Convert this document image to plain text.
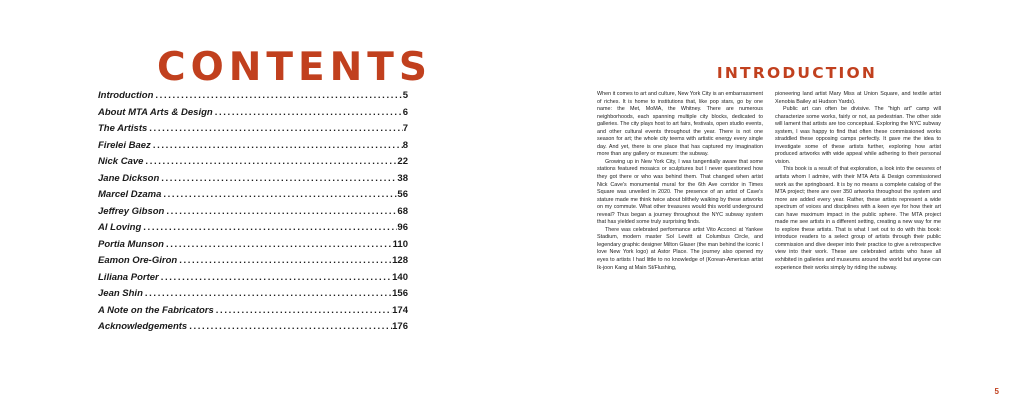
CONTENTS
Introduction . . .	5
About MTA Arts & Design . . .	6
The Artists . . .	7
Firelei Baez . . .	8
Nick Cave . . .	22
Jane Dickson . . .	38
Marcel Dzama . . .	56
Jeffrey Gibson . . .	68
Al Loving . . .	96
Portia Munson . . .	110
Eamon Ore-Giron . . .	128
Liliana Porter . . .	140
Jean Shin . . .	156
A Note on the Fabricators . . .	174
Acknowledgements . . .	176
INTRODUCTION

When it comes to art and culture, New York City is an embarrassment of riches. It is home to institutions that, like pop stars, go by one name: the Met, MoMA, the Whitney. There are numerous neighborhoods, each spanning multiple city blocks, dedicated to galleries. The city plays host to art fairs, festivals, open studio events, and other cultural events throughout the year. There is not one season for art; the whole city teems with artistic energy every single day. And yet, there is one place that has captured my imagination more than any gallery or museum: the subway.

Growing up in New York City, I was tangentially aware that some stations featured mosaics or sculptures but I never questioned how they got there or who was behind them. That changed when artist Nick Cave's monumental mural for the 6th Ave corridor in Times Square was unveiled in 2020. The presence of an artist of Cave's stature made me think twice about blithely walking by these artworks on my commute. What other treasures would this world underground reveal? Thus began a journey throughout the NYC subway system that has yielded some truly surprising finds.

There was celebrated performance artist Vito Acconci at Yankee Stadium, modern master Sol Lewitt at Columbus Circle, and legendary graphic designer Milton Glaser (the man behind the iconic I love New York logo) at Astor Place. The journey also opened my eyes to artists I had little to no knowledge of (Korean-American artist Ik-joon Kang at Main St/Flushing,

pioneering land artist Mary Miss at Union Square, and textile artist Xenobia Bailey at Hudson Yards).

Public art can often be divisive. The "high art" camp will characterize some works, fairly or not, as pedestrian. The other side will lament that artists are too conceptual. Exploring the NYC subway system, I was happy to find that often these commissioned works straddled these opposing camps perfectly. It gave me the idea to investigate some of these artists further, exploring how artist produced artworks with wide appeal while adhering to their personal vision.

This book is a result of that exploration, a look into the oeuvres of artists whom I admire, with their MTA Arts & Design commissioned work as the springboard. It is by no means a complete catalog of the MTA project; there are over 350 artworks throughout the system and more are added every year. Rather, these artists represent a wide spectrum of voices and disciplines with a keen eye for how their art can have maximum impact in the public sphere. The MTA project made me see artists in a different setting, creating a new way for me to explore these artists. That is what I set out to do with this book: introduce readers to a select group of artists through their public commission and dive deeper into their practice to give a retrospective view into their work. These are celebrated artists who have all exhibited in galleries and museums around the world but anyone can experience their works simply by riding the subway.

5
